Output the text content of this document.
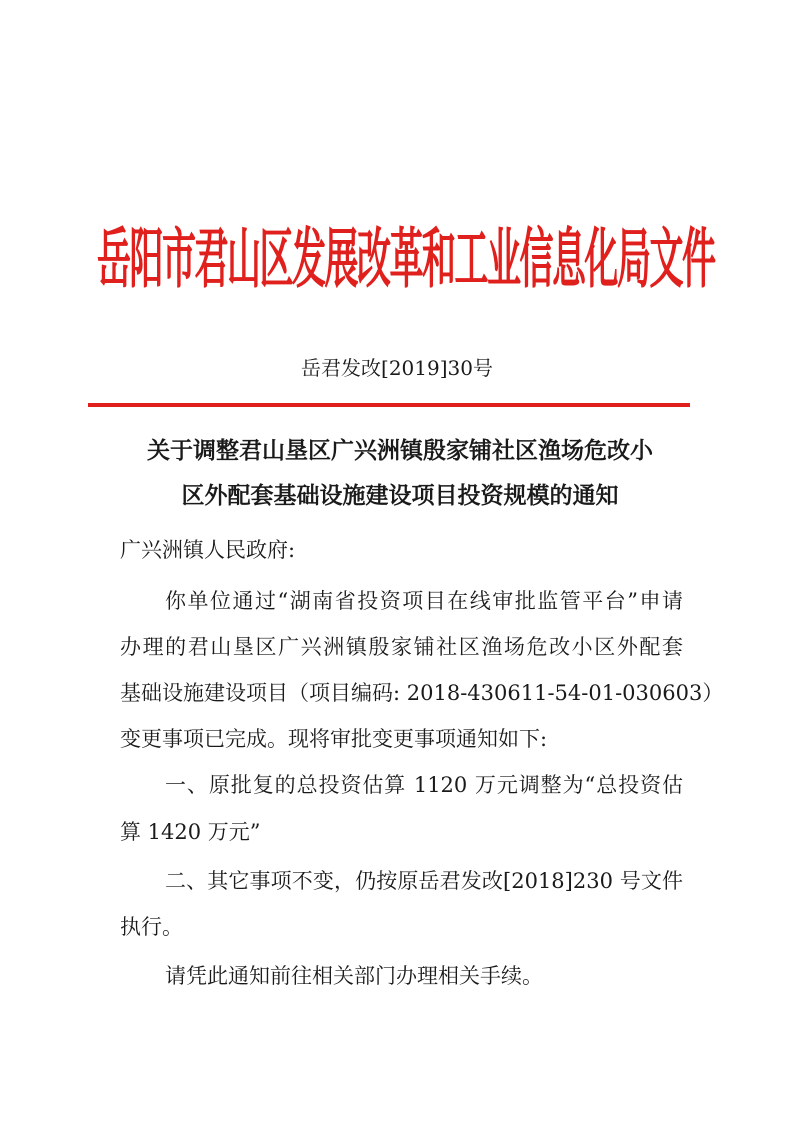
岳阳市君山区发展改革和工业信息化局文件
岳君发改[2019]30号
关于调整君山垦区广兴洲镇殷家铺社区渔场危改小
区外配套基础设施建设项目投资规模的通知
广兴洲镇人民政府:
你单位通过“湖南省投资项目在线审批监管平台”申请
办理的君山垦区广兴洲镇殷家铺社区渔场危改小区外配套
基础设施建设项目（项目编码: 2018-430611-54-01-030603）
变更事项已完成。现将审批变更事项通知如下:
一、原批复的总投资估算 1120 万元调整为“总投资估
算 1420 万元”
二、其它事项不变，仍按原岳君发改[2018]230 号文件
执行。
请凭此通知前往相关部门办理相关手续。
